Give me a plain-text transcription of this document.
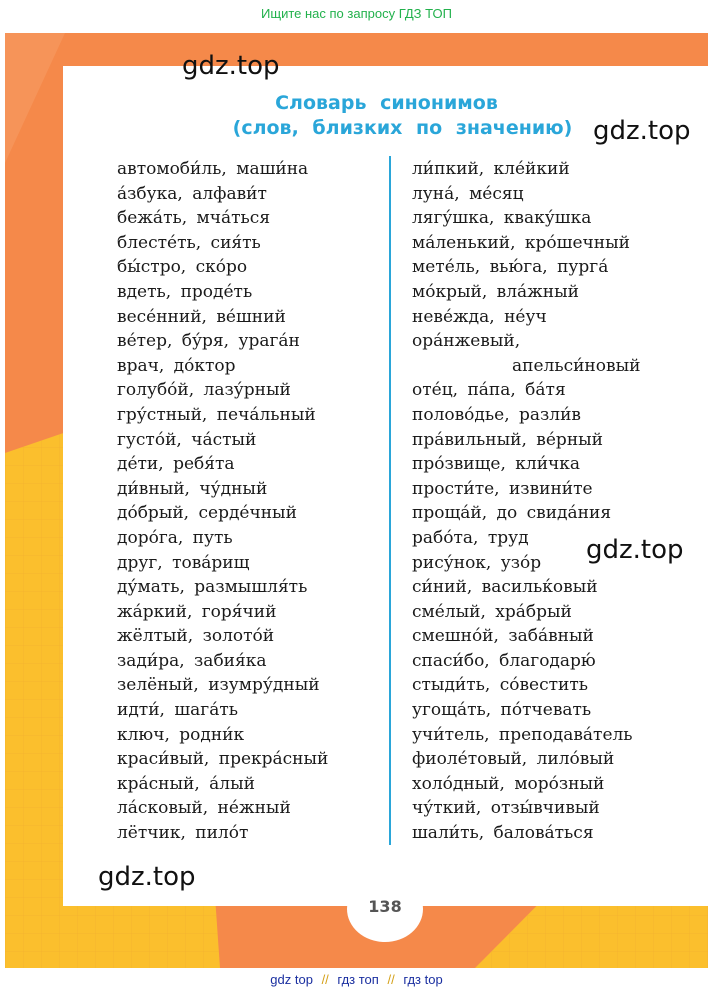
Ищите нас по запросу ГДЗ ТОП
Словарь синонимов
(слов, близких по значению)
автомоби́ль, маши́на
а́збука, алфави́т
бежа́ть, мча́ться
блесте́ть, сия́ть
бы́стро, ско́ро
вдеть, проде́ть
весе́нний, ве́шний
ве́тер, бу́ря, урага́н
врач, до́ктор
голубо́й, лазу́рный
гру́стный, печа́льный
густо́й, ча́стый
де́ти, ребя́та
ди́вный, чу́дный
до́брый, серде́чный
доро́га, путь
друг, това́рищ
ду́мать, размышля́ть
жа́ркий, горя́чий
жёлтый, золото́й
зади́ра, забия́ка
зелёный, изумру́дный
идти́, шага́ть
ключ, родни́к
краси́вый, прекра́сный
кра́сный, а́лый
ла́сковый, не́жный
лётчик, пило́т
ли́пкий, кле́йкий
луна́, ме́сяц
лягу́шка, кваку́шка
ма́ленький, кро́шечный
мете́ль, вью́га, пурга́
мо́крый, вла́жный
неве́жда, не́уч
ора́нжевый,
апельси́новый
оте́ц, па́па, ба́тя
полово́дье, разли́в
пра́вильный, ве́рный
про́звище, кли́чка
прости́те, извини́те
проща́й, до свида́ния
рабо́та, труд
рису́нок, узо́р
си́ний, васильќовый
сме́лый, хра́брый
смешно́й, заба́вный
спаси́бо, благодарю́
стыди́ть, со́вестить
угоща́ть, по́тчевать
учи́тель, преподава́тель
фиоле́товый, лило́вый
холо́дный, моро́зный
чу́ткий, отзы́вчивый
шали́ть, балова́ться
gdz.top
gdz.top
gdz.top
gdz.top
138
gdz top // гдз топ // гдз top
